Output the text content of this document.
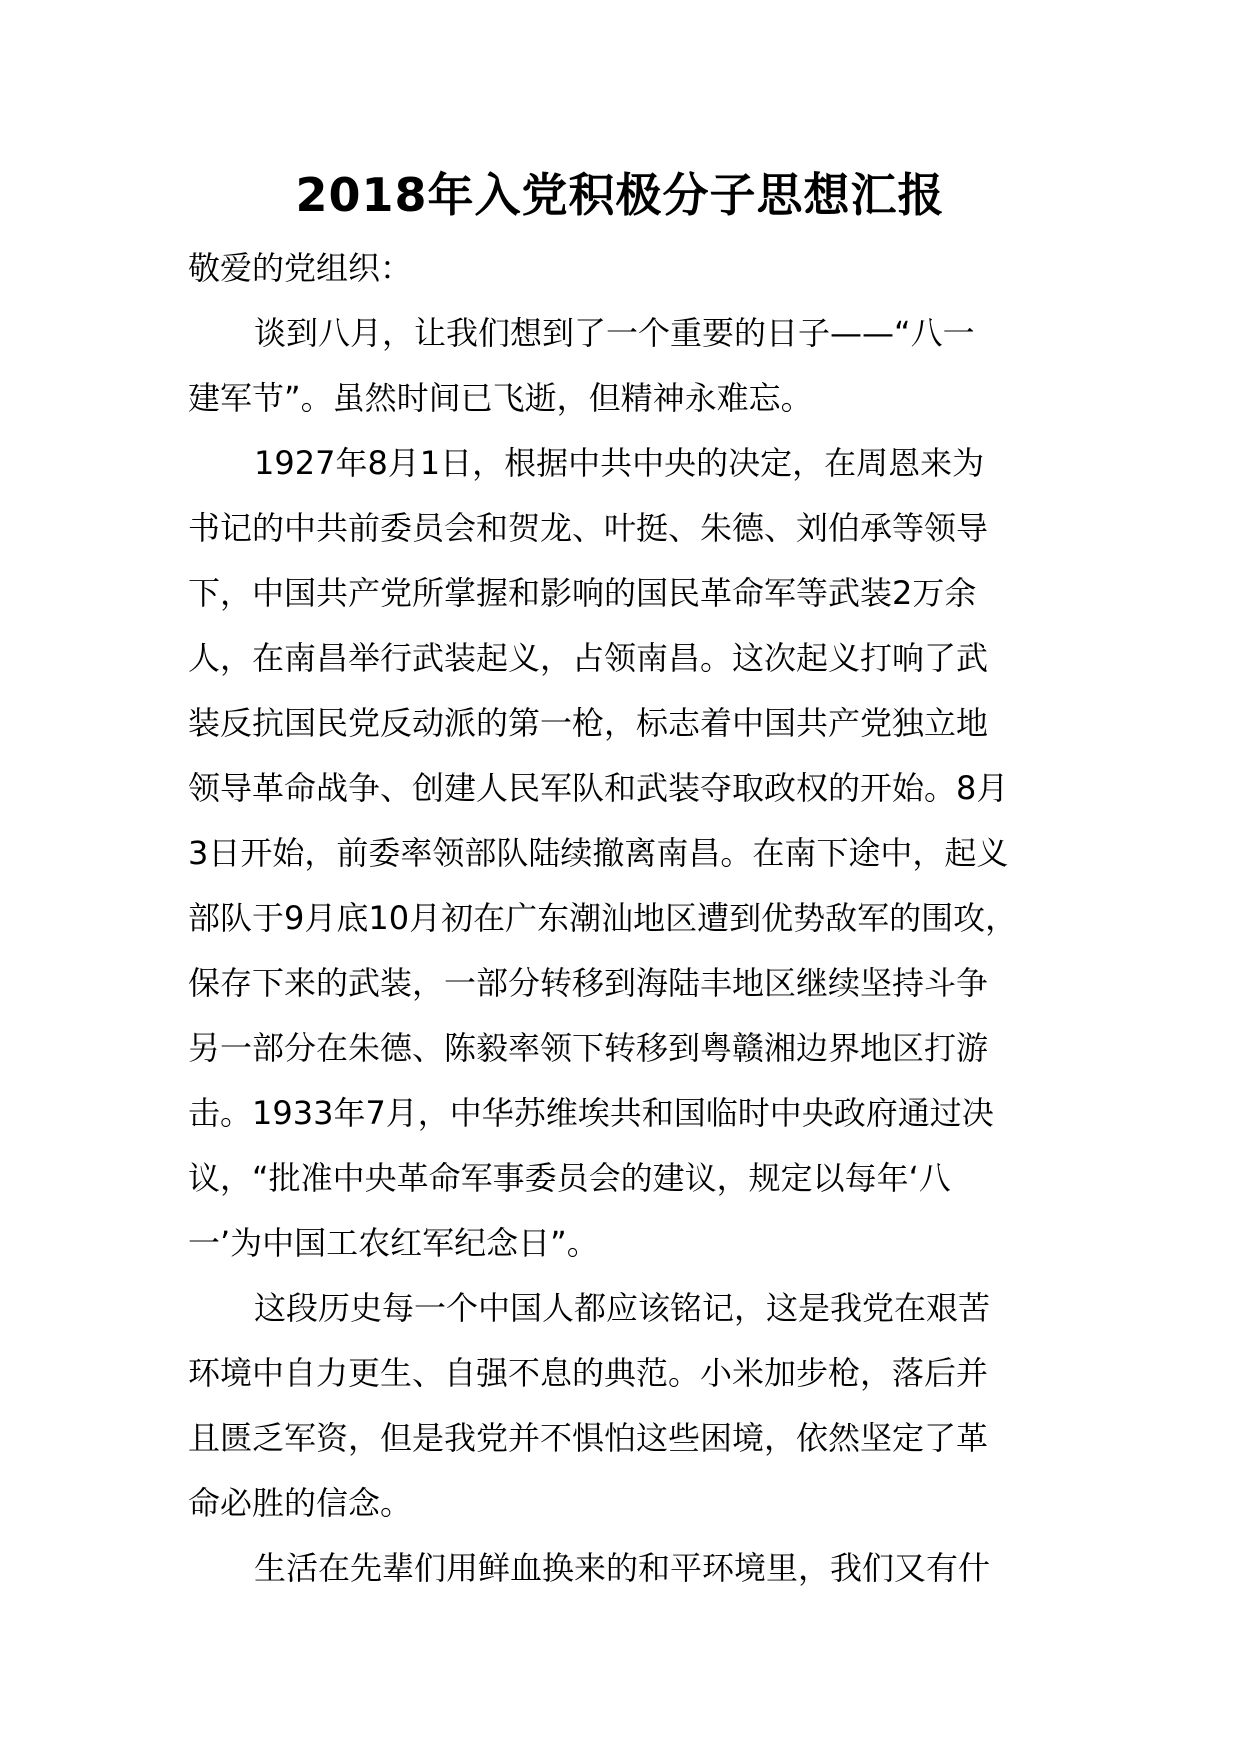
2018年入党积极分子思想汇报
敬爱的党组织：
谈到八月，让我们想到了一个重要的日子——“八一
建军节”。虽然时间已飞逝，但精神永难忘。
1927年8月1日，根据中共中央的决定，在周恩来为
书记的中共前委员会和贺龙、叶挺、朱德、刘伯承等领导
下，中国共产党所掌握和影响的国民革命军等武装2万余
人，在南昌举行武装起义，占领南昌。这次起义打响了武
装反抗国民党反动派的第一枪，标志着中国共产党独立地
领导革命战争、创建人民军队和武装夺取政权的开始。8月
3日开始，前委率领部队陆续撤离南昌。在南下途中，起义
部队于9月底10月初在广东潮汕地区遭到优势敌军的围攻，
保存下来的武装，一部分转移到海陆丰地区继续坚持斗争
另一部分在朱德、陈毅率领下转移到粤赣湘边界地区打游
击。1933年7月，中华苏维埃共和国临时中央政府通过决
议，“批准中央革命军事委员会的建议，规定以每年‘八
一’为中国工农红军纪念日”。
这段历史每一个中国人都应该铭记，这是我党在艰苦
环境中自力更生、自强不息的典范。小米加步枪，落后并
且匮乏军资，但是我党并不惧怕这些困境，依然坚定了革
命必胜的信念。
生活在先辈们用鲜血换来的和平环境里，我们又有什
